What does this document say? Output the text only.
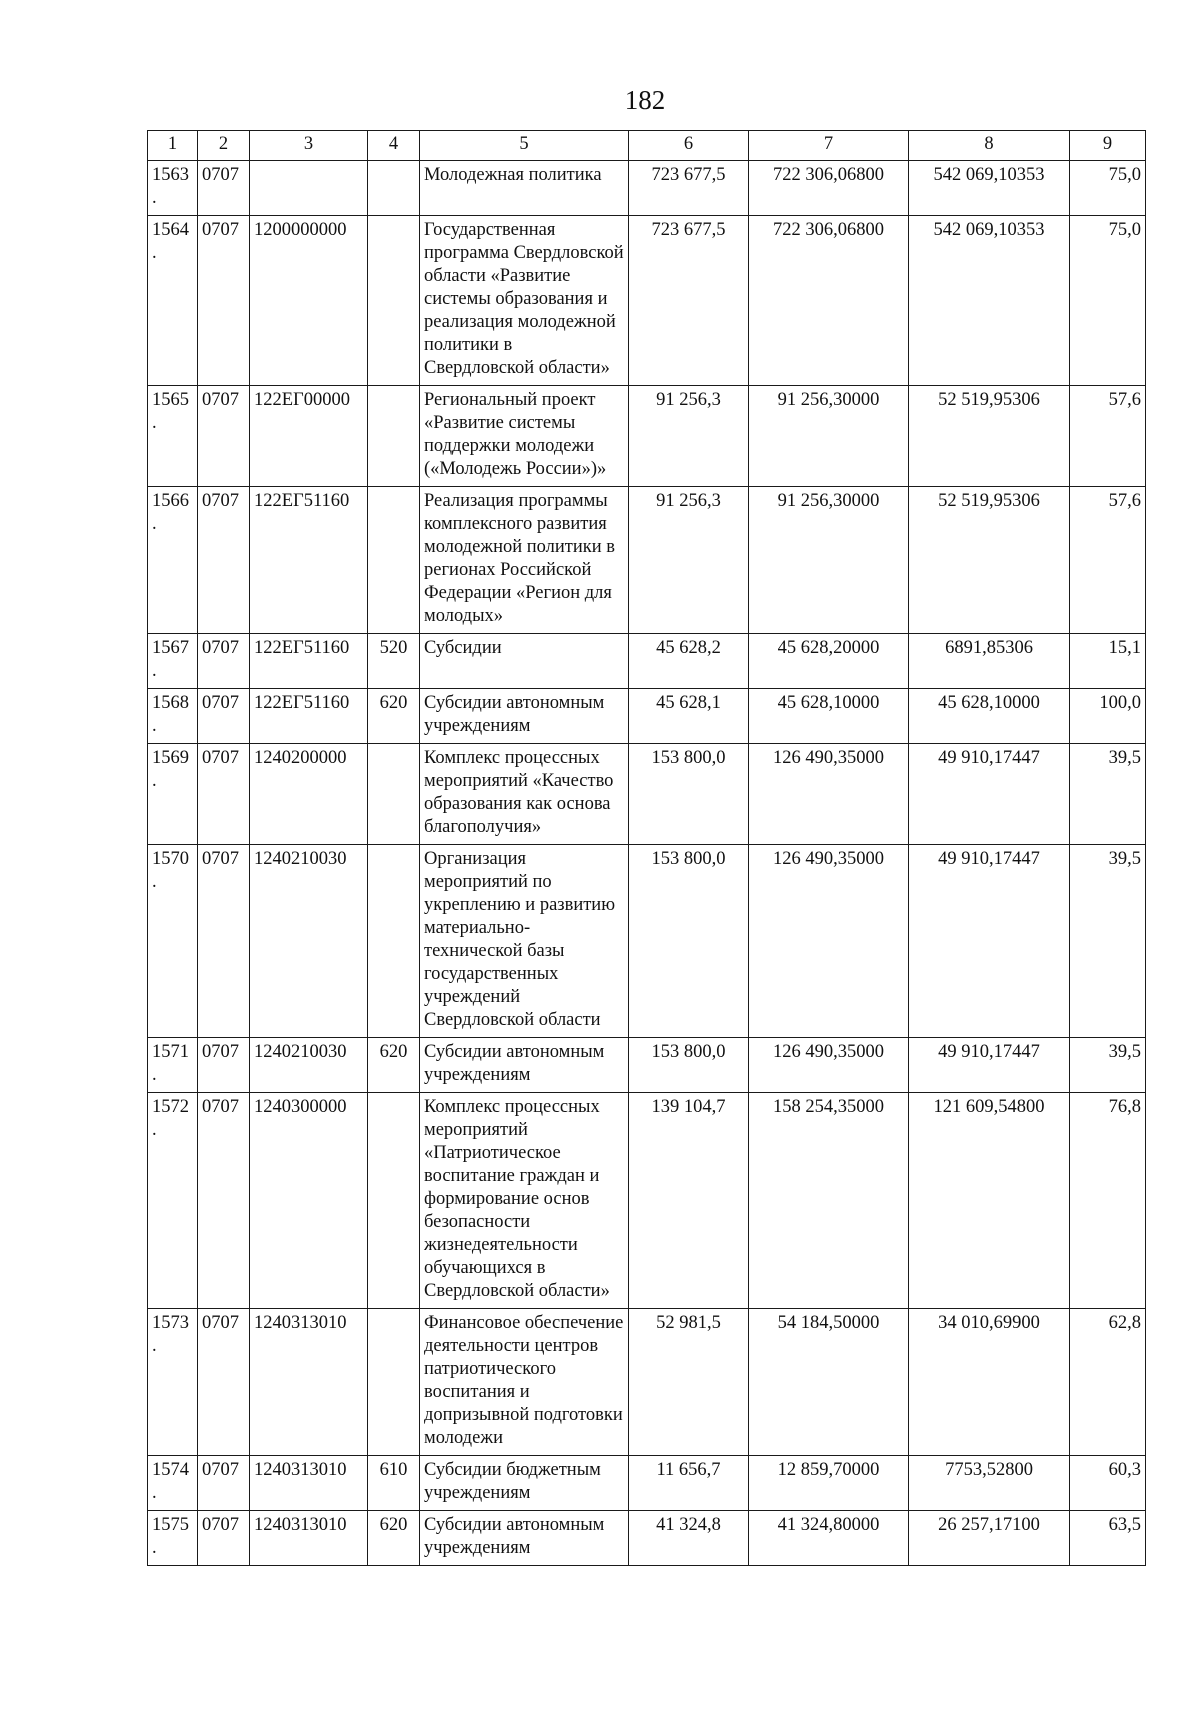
182
1	2	3	4	5	6	7	8	9
1563.	0707			Молодежная политика	723 677,5	722 306,06800	542 069,10353	75,0
1564.	0707	1200000000		Государственная программа Свердловской области «Развитие системы образования и реализация молодежной политики в Свердловской области»	723 677,5	722 306,06800	542 069,10353	75,0
1565.	0707	122ЕГ00000		Региональный проект «Развитие системы поддержки молодежи («Молодежь России»)»	91 256,3	91 256,30000	52 519,95306	57,6
1566.	0707	122ЕГ51160		Реализация программы комплексного развития молодежной политики в регионах Российской Федерации «Регион для молодых»	91 256,3	91 256,30000	52 519,95306	57,6
1567.	0707	122ЕГ51160	520	Субсидии	45 628,2	45 628,20000	6891,85306	15,1
1568.	0707	122ЕГ51160	620	Субсидии автономным учреждениям	45 628,1	45 628,10000	45 628,10000	100,0
1569.	0707	1240200000		Комплекс процессных мероприятий «Качество образования как основа благополучия»	153 800,0	126 490,35000	49 910,17447	39,5
1570.	0707	1240210030		Организация мероприятий по укреплению и развитию материально-технической базы государственных учреждений Свердловской области	153 800,0	126 490,35000	49 910,17447	39,5
1571.	0707	1240210030	620	Субсидии автономным учреждениям	153 800,0	126 490,35000	49 910,17447	39,5
1572.	0707	1240300000		Комплекс процессных мероприятий «Патриотическое воспитание граждан и формирование основ безопасности жизнедеятельности обучающихся в Свердловской области»	139 104,7	158 254,35000	121 609,54800	76,8
1573.	0707	1240313010		Финансовое обеспечение деятельности центров патриотического воспитания и допризывной подготовки молодежи	52 981,5	54 184,50000	34 010,69900	62,8
1574.	0707	1240313010	610	Субсидии бюджетным учреждениям	11 656,7	12 859,70000	7753,52800	60,3
1575.	0707	1240313010	620	Субсидии автономным учреждениям	41 324,8	41 324,80000	26 257,17100	63,5
